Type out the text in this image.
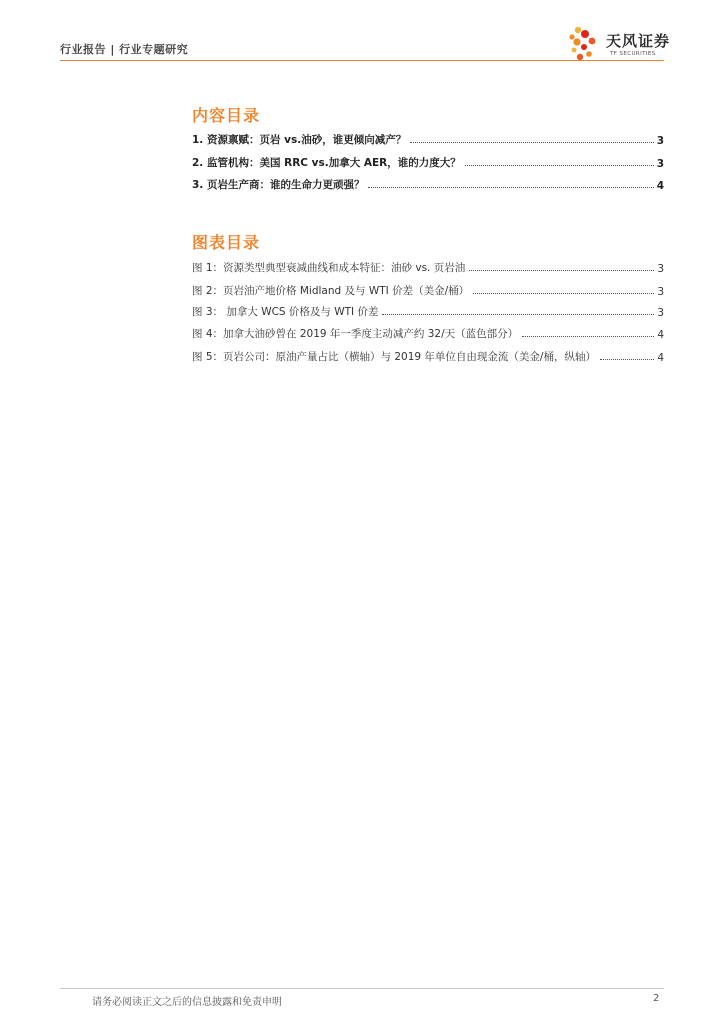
行业报告 | 行业专题研究	天风证券
TF SECURITIES
内容目录
1. 资源禀赋：页岩 vs.油砂，谁更倾向减产？	3
2. 监管机构：美国 RRC vs.加拿大 AER，谁的力度大？	3
3. 页岩生产商：谁的生命力更顽强？	4
图表目录
图 1：资源类型典型衰减曲线和成本特征：油砂 vs. 页岩油	3
图 2：页岩油产地价格 Midland 及与 WTI 价差（美金/桶）	3
图 3： 加拿大 WCS 价格及与 WTI 价差	3
图 4：加拿大油砂曾在 2019 年一季度主动减产约 32/天（蓝色部分）	4
图 5：页岩公司：原油产量占比（横轴）与 2019 年单位自由现金流（美金/桶，纵轴）	4
请务必阅读正文之后的信息披露和免责申明	2
